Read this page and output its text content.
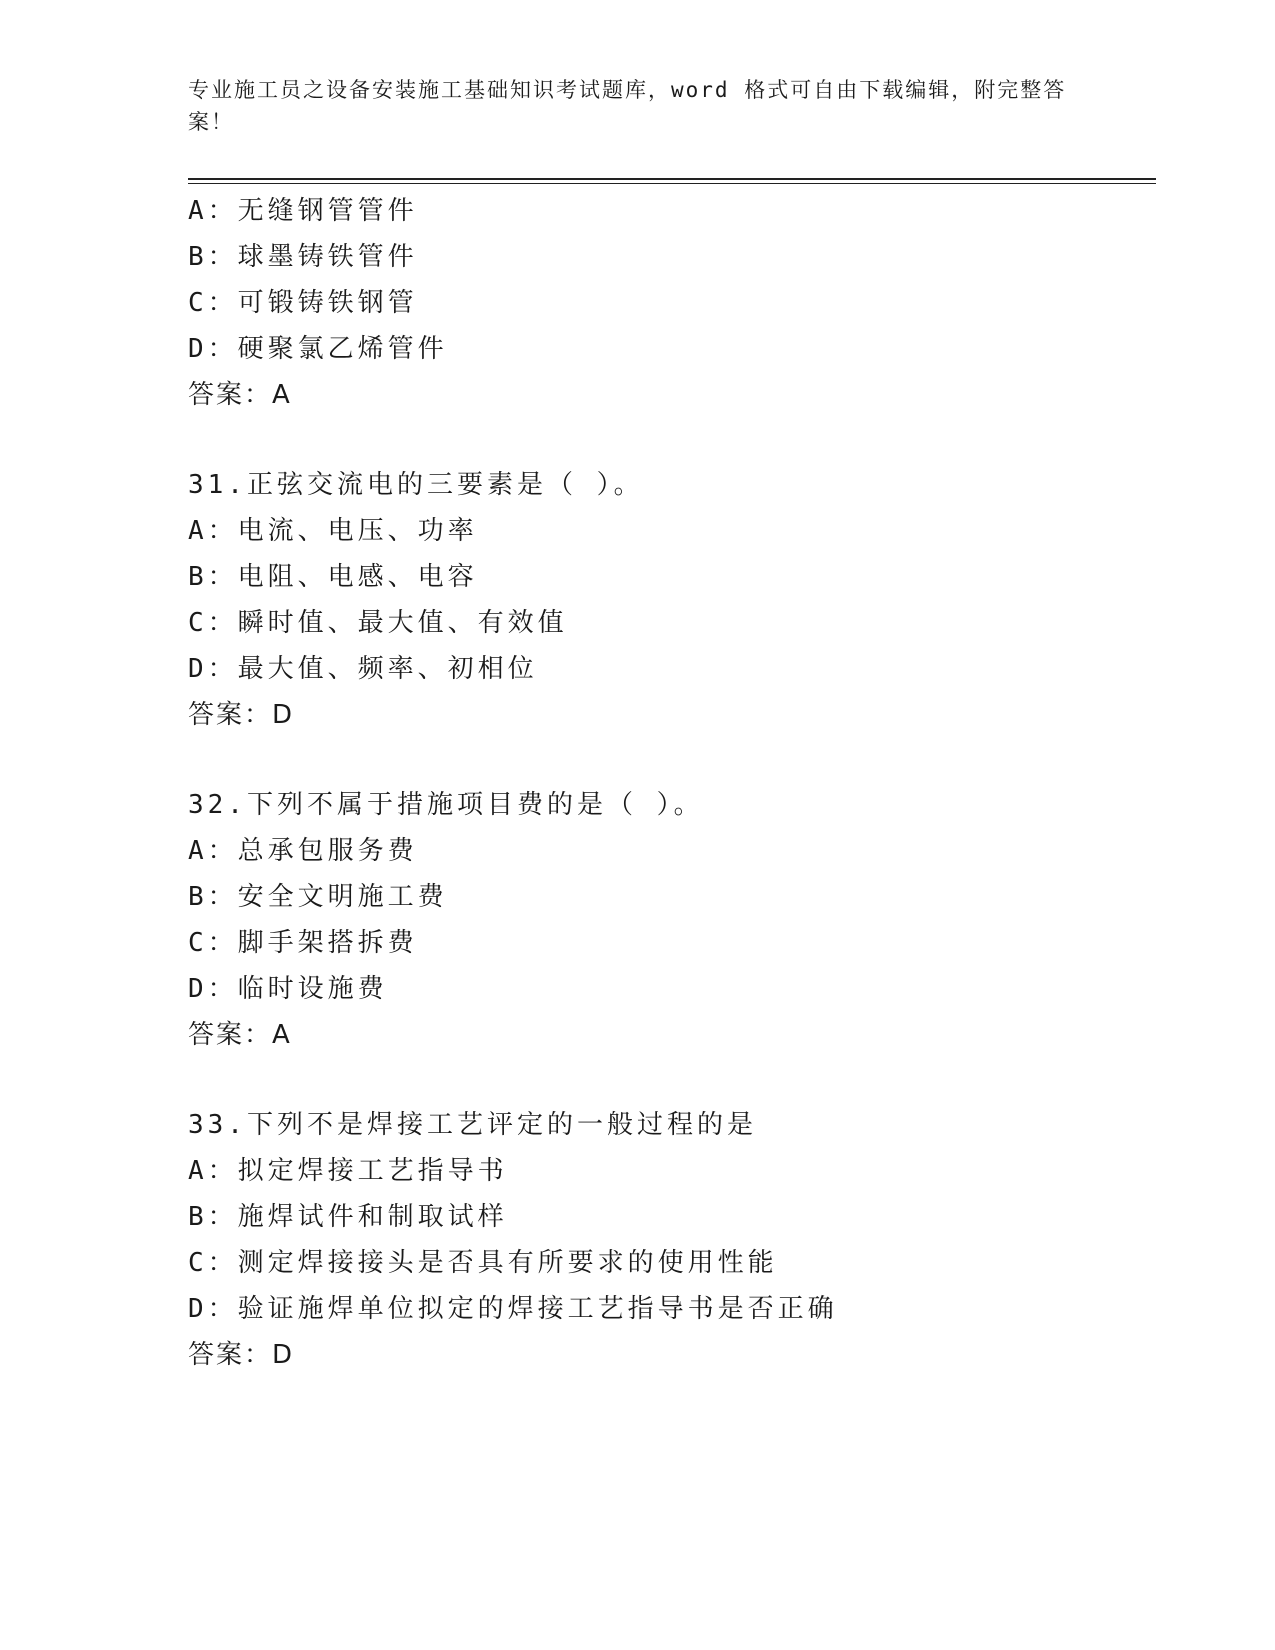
专业施工员之设备安装施工基础知识考试题库，word 格式可自由下载编辑，附完整答案！
A：无缝钢管管件
B：球墨铸铁管件
C：可锻铸铁钢管
D：硬聚氯乙烯管件
答案：A
31.正弦交流电的三要素是（ ）。
A：电流、电压、功率
B：电阻、电感、电容
C：瞬时值、最大值、有效值
D：最大值、频率、初相位
答案：D
32.下列不属于措施项目费的是（ ）。
A：总承包服务费
B：安全文明施工费
C：脚手架搭拆费
D：临时设施费
答案：A
33.下列不是焊接工艺评定的一般过程的是
A：拟定焊接工艺指导书
B：施焊试件和制取试样
C：测定焊接接头是否具有所要求的使用性能
D：验证施焊单位拟定的焊接工艺指导书是否正确
答案：D
